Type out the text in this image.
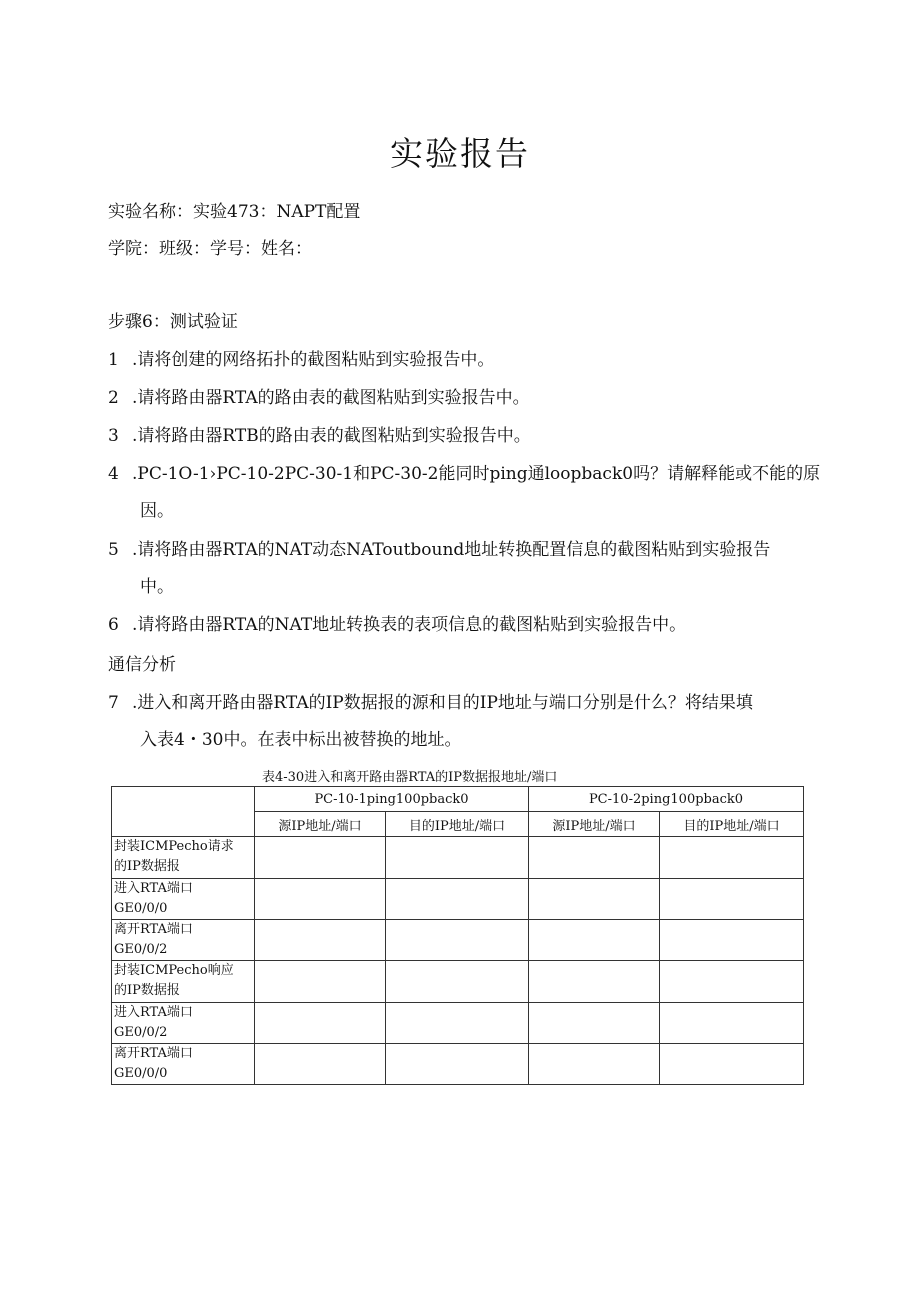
实验报告
实验名称：实验473：NAPT配置
学院：班级：学号：姓名：
步骤6：测试验证
1 .请将创建的网络拓扑的截图粘贴到实验报告中。
2 .请将路由器RTA的路由表的截图粘贴到实验报告中。
3 .请将路由器RTB的路由表的截图粘贴到实验报告中。
4 .PC-1O-1›PC-10-2PC-30-1和PC-30-2能同时ping通loopback0吗？请解释能或不能的原
因。
5 .请将路由器RTA的NAT动态NAToutbound地址转换配置信息的截图粘贴到实验报告
中。
6 .请将路由器RTA的NAT地址转换表的表项信息的截图粘贴到实验报告中。
通信分析
7 .进入和离开路由器RTA的IP数据报的源和目的IP地址与端口分别是什么？将结果填
入表4・30中。在表中标出被替换的地址。
表4-30进入和离开路由器RTA的IP数据报地址/端口
	PC-10-1ping100pback0		PC-10-2ping100pback0	
	源IP地址/端口	目的IP地址/端口	源IP地址/端口	目的IP地址/端口
封装ICMPecho请求
的IP数据报				
进入RTA端口
GE0/0/0				
离开RTA端口
GE0/0/2				
封装ICMPecho响应
的IP数据报				
进入RTA端口
GE0/0/2				
离开RTA端口
GE0/0/0				
